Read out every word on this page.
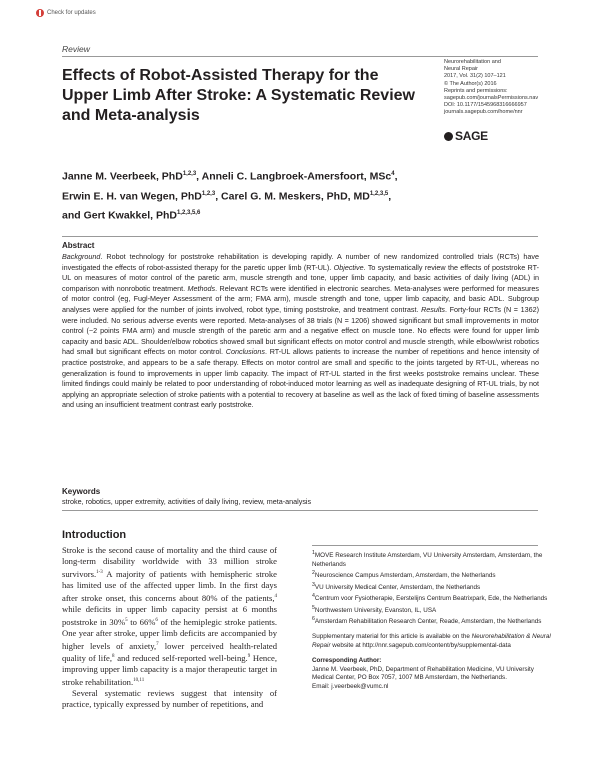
Check for updates
Review
Effects of Robot-Assisted Therapy for the Upper Limb After Stroke: A Systematic Review and Meta-analysis
Neurorehabilitation and
Neural Repair
2017, Vol. 31(2) 107–121
© The Author(s) 2016
Reprints and permissions:
sagepub.com/journalsPermissions.nav
DOI: 10.1177/1545968316666957
journals.sagepub.com/home/nnr
SAGE
Janne M. Veerbeek, PhD$^{1,2,3}$, Anneli C. Langbroek-Amersfoort, MSc$^4$,
Erwin E. H. van Wegen, PhD$^{1,2,3}$, Carel G. M. Meskers, PhD, MD$^{1,2,3,5}$,
and Gert Kwakkel, PhD$^{1,2,3,5,6}$
Abstract
Background. Robot technology for poststroke rehabilitation is developing rapidly. A number of new randomized controlled trials (RCTs) have investigated the effects of robot-assisted therapy for the paretic upper limb (RT-UL). Objective. To systematically review the effects of poststroke RT-UL on measures of motor control of the paretic arm, muscle strength and tone, upper limb capacity, and basic activities of daily living (ADL) in comparison with nonrobotic treatment. Methods. Relevant RCTs were identified in electronic searches. Meta-analyses were performed for measures of motor control (eg, Fugl-Meyer Assessment of the arm; FMA arm), muscle strength and tone, upper limb capacity, and basic ADL. Subgroup analyses were applied for the number of joints involved, robot type, timing poststroke, and treatment contrast. Results. Forty-four RCTs (N = 1362) were included. No serious adverse events were reported. Meta-analyses of 38 trials (N = 1206) showed significant but small improvements in motor control (~2 points FMA arm) and muscle strength of the paretic arm and a negative effect on muscle tone. No effects were found for upper limb capacity and basic ADL. Shoulder/elbow robotics showed small but significant effects on motor control and muscle strength, while elbow/wrist robotics had small but significant effects on motor control. Conclusions. RT-UL allows patients to increase the number of repetitions and hence intensity of practice poststroke, and appears to be a safe therapy. Effects on motor control are small and specific to the joints targeted by RT-UL, whereas no generalization is found to improvements in upper limb capacity. The impact of RT-UL started in the first weeks poststroke remains unclear. These limited findings could mainly be related to poor understanding of robot-induced motor learning as well as inadequate designing of RT-UL trials, by not applying an appropriate selection of stroke patients with a potential to recovery at baseline as well as the lack of fixed timing of baseline assessments and using an insufficient treatment contrast early poststroke.
Keywords
stroke, robotics, upper extremity, activities of daily living, review, meta-analysis
Introduction

Stroke is the second cause of mortality and the third cause of long-term disability worldwide with 33 million stroke survivors.$^{1-3}$ A majority of patients with hemispheric stroke has limited use of the affected upper limb. In the first days after stroke onset, this concerns about 80% of the patients,$^4$ while deficits in upper limb capacity persist at 6 months poststroke in 30%$^5$ to 66%$^6$ of the hemiplegic stroke patients. One year after stroke, upper limb deficits are accompanied by higher levels of anxiety,$^7$ lower perceived health-related quality of life,$^8$ and reduced self-reported well-being.$^9$ Hence, improving upper limb capacity is a major therapeutic target in stroke rehabilitation.$^{10,11}$

Several systematic reviews suggest that intensity of practice, typically expressed by number of repetitions, and

$^1$MOVE Research Institute Amsterdam, VU University Amsterdam, Amsterdam, the Netherlands
$^2$Neuroscience Campus Amsterdam, Amsterdam, the Netherlands
$^3$VU University Medical Center, Amsterdam, the Netherlands
$^4$Centrum voor Fysiotherapie, Eerstelijns Centrum Beatrixpark, Ede, the Netherlands
$^5$Northwestern University, Evanston, IL, USA
$^6$Amsterdam Rehabilitation Research Center, Reade, Amsterdam, the Netherlands
Supplementary material for this article is available on the Neurorehabilitation & Neural Repair website at http://nnr.sagepub.com/content/by/supplemental-data
Corresponding Author:
Janne M. Veerbeek, PhD, Department of Rehabilitation Medicine, VU University Medical Center, PO Box 7057, 1007 MB Amsterdam, the Netherlands.
Email: j.veerbeek@vumc.nl
